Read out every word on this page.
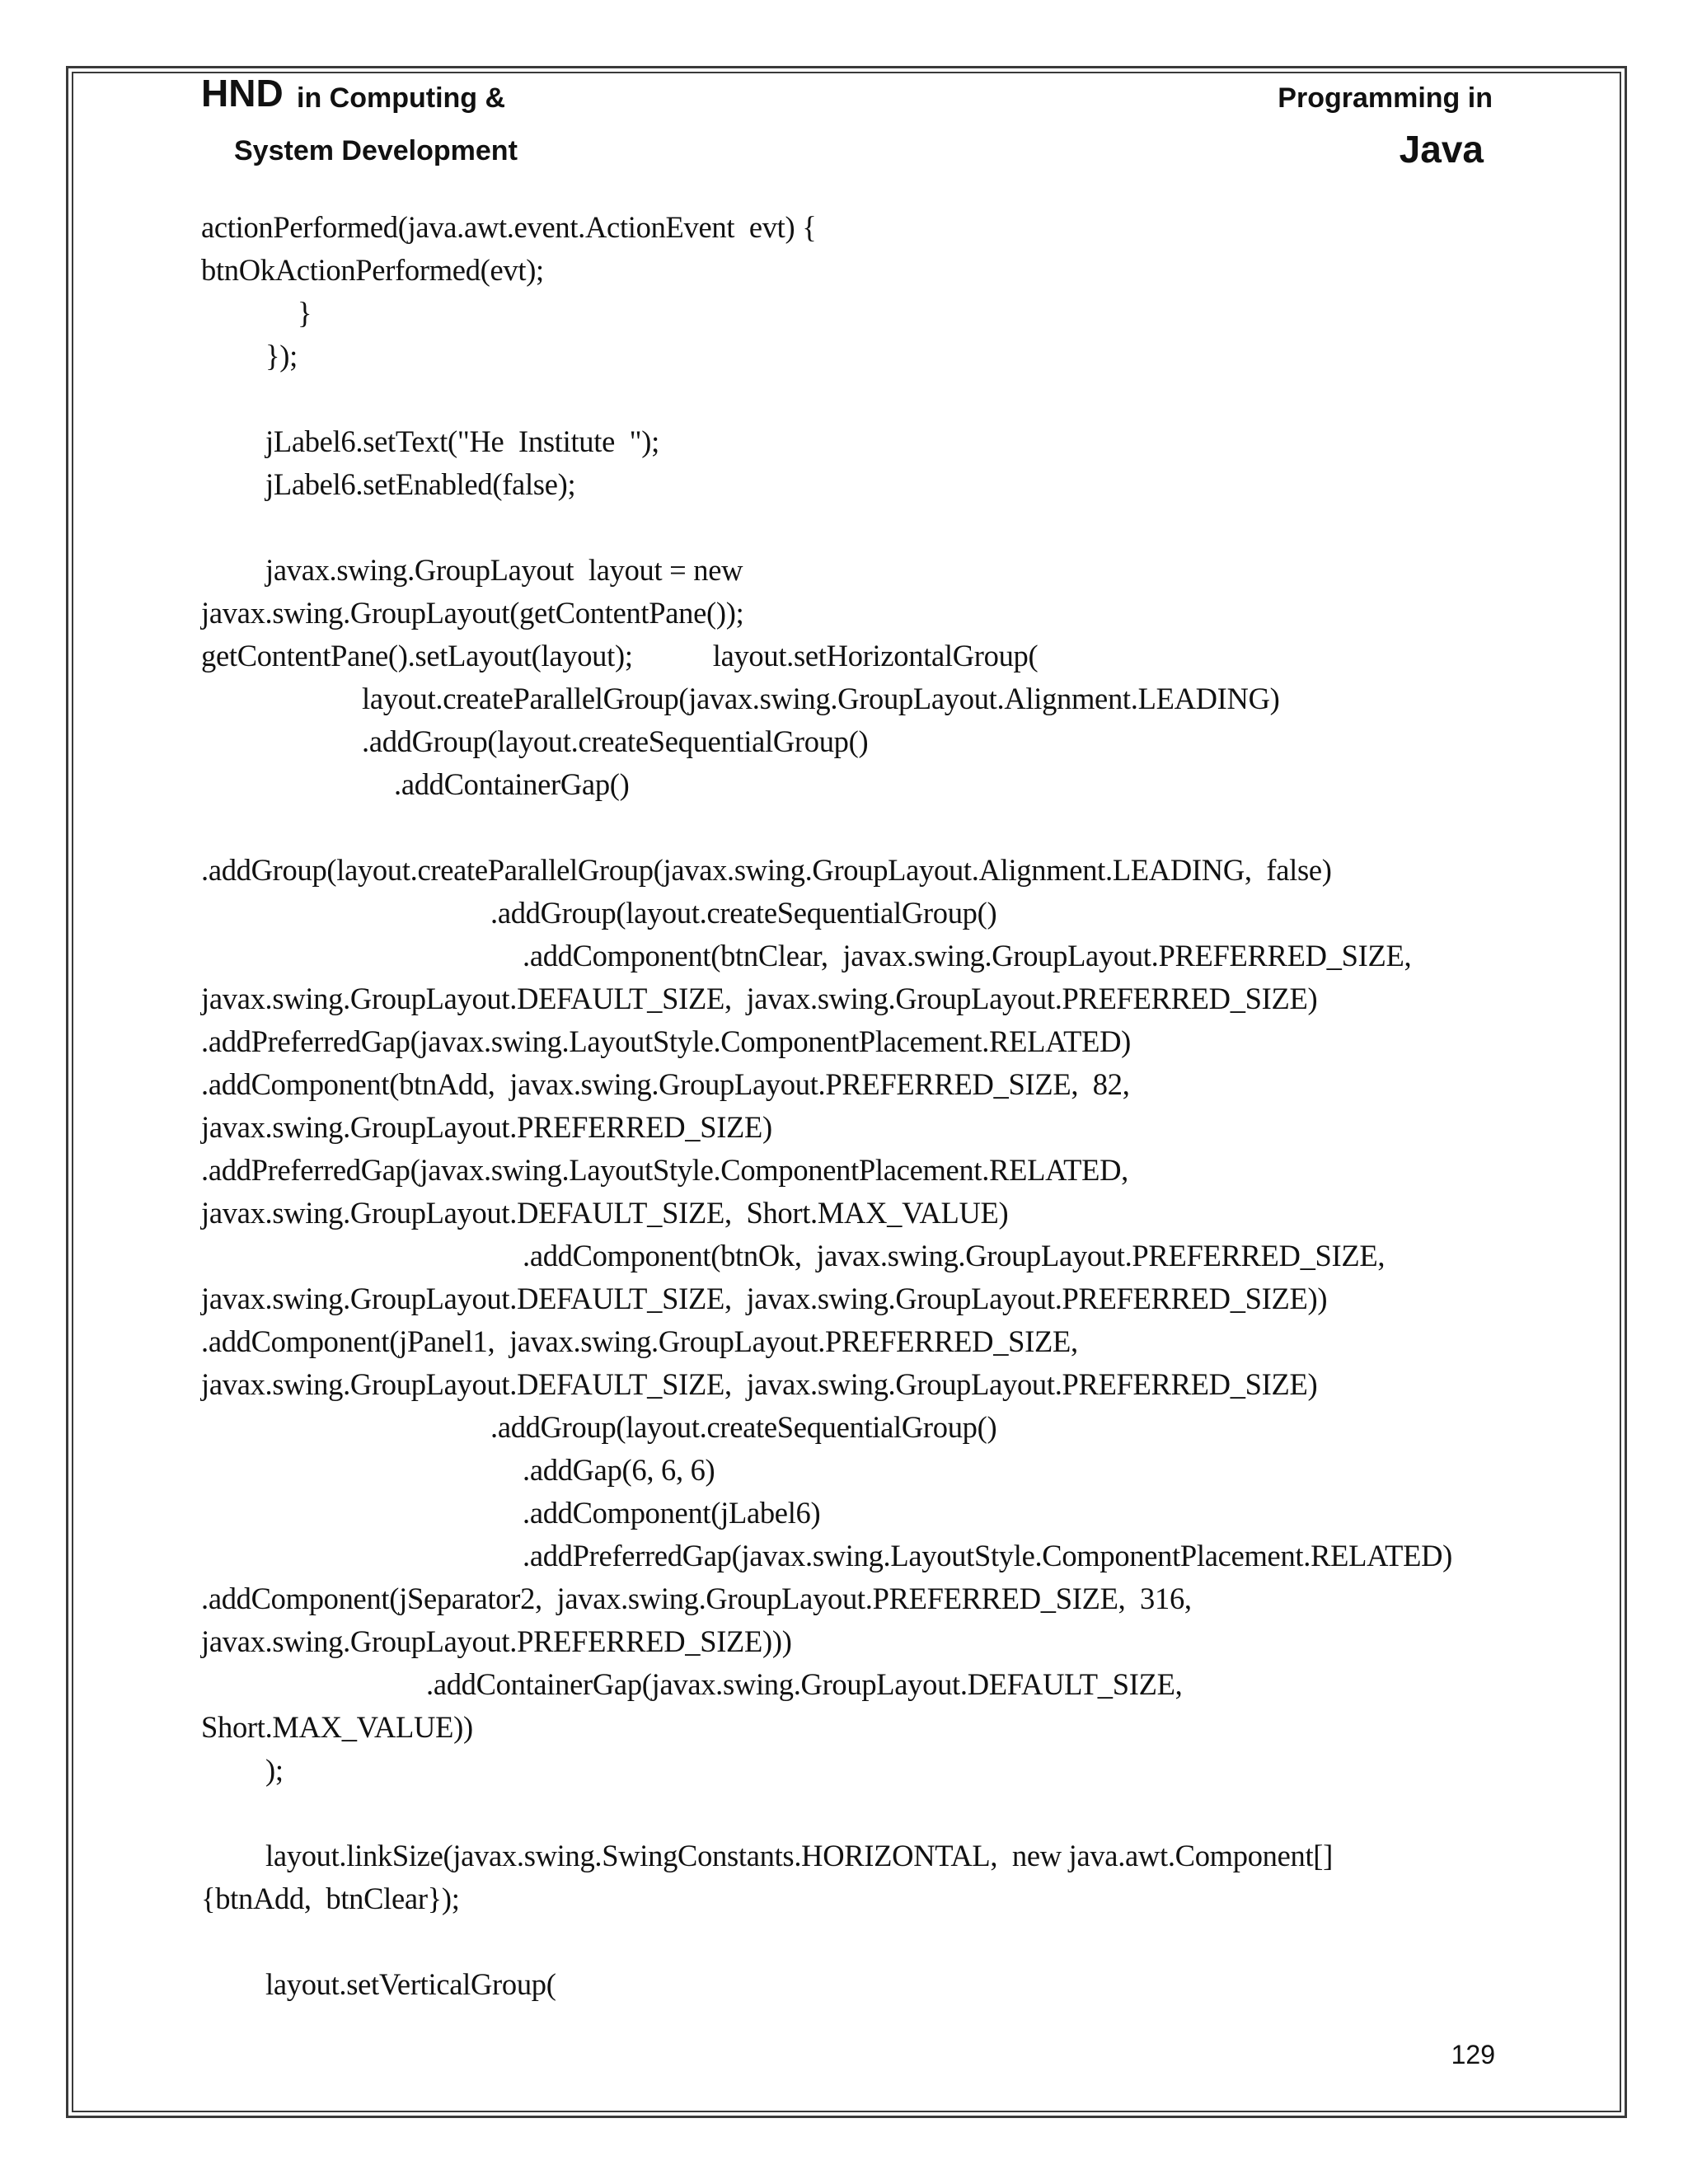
HND in Computing &
System Development
Programming in
Java
actionPerformed(java.awt.event.ActionEvent  evt) {
btnOkActionPerformed(evt);
}
});
jLabel6.setText("He  Institute  ");
jLabel6.setEnabled(false);
javax.swing.GroupLayout  layout = new
javax.swing.GroupLayout(getContentPane());
getContentPane().setLayout(layout);           layout.setHorizontalGroup(
layout.createParallelGroup(javax.swing.GroupLayout.Alignment.LEADING)
.addGroup(layout.createSequentialGroup()
.addContainerGap()
.addGroup(layout.createParallelGroup(javax.swing.GroupLayout.Alignment.LEADING,  false)
.addGroup(layout.createSequentialGroup()
.addComponent(btnClear,  javax.swing.GroupLayout.PREFERRED_SIZE,
javax.swing.GroupLayout.DEFAULT_SIZE,  javax.swing.GroupLayout.PREFERRED_SIZE)
.addPreferredGap(javax.swing.LayoutStyle.ComponentPlacement.RELATED)
.addComponent(btnAdd,  javax.swing.GroupLayout.PREFERRED_SIZE,  82,
javax.swing.GroupLayout.PREFERRED_SIZE)
.addPreferredGap(javax.swing.LayoutStyle.ComponentPlacement.RELATED,
javax.swing.GroupLayout.DEFAULT_SIZE,  Short.MAX_VALUE)
.addComponent(btnOk,  javax.swing.GroupLayout.PREFERRED_SIZE,
javax.swing.GroupLayout.DEFAULT_SIZE,  javax.swing.GroupLayout.PREFERRED_SIZE))
.addComponent(jPanel1,  javax.swing.GroupLayout.PREFERRED_SIZE,
javax.swing.GroupLayout.DEFAULT_SIZE,  javax.swing.GroupLayout.PREFERRED_SIZE)
.addGroup(layout.createSequentialGroup()
.addGap(6, 6, 6)
.addComponent(jLabel6)
.addPreferredGap(javax.swing.LayoutStyle.ComponentPlacement.RELATED)
.addComponent(jSeparator2,  javax.swing.GroupLayout.PREFERRED_SIZE,  316,
javax.swing.GroupLayout.PREFERRED_SIZE)))
.addContainerGap(javax.swing.GroupLayout.DEFAULT_SIZE,
Short.MAX_VALUE))
);
layout.linkSize(javax.swing.SwingConstants.HORIZONTAL,  new java.awt.Component[]
{btnAdd,  btnClear});
layout.setVerticalGroup(
129
